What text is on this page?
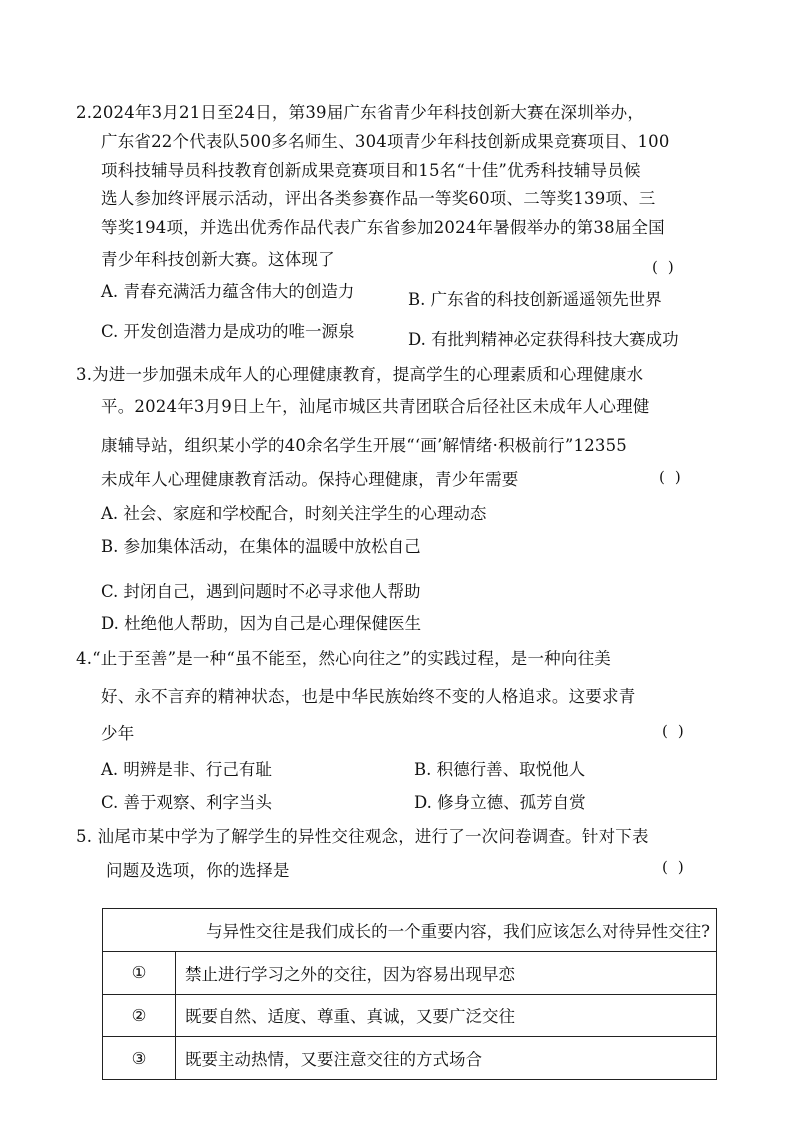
2.2024年3月21日至24日，第39届广东省青少年科技创新大赛在深圳举办，
广东省22个代表队500多名师生、304项青少年科技创新成果竞赛项目、100
项科技辅导员科技教育创新成果竞赛项目和15名“十佳”优秀科技辅导员候
选人参加终评展示活动，评出各类参赛作品一等奖60项、二等奖139项、三
等奖194项，并选出优秀作品代表广东省参加2024年暑假举办的第38届全国
青少年科技创新大赛。这体现了	()
A. 青春充满活力蕴含伟大的创造力	B. 广东省的科技创新遥遥领先世界
C. 开发创造潜力是成功的唯一源泉	D. 有批判精神必定获得科技大赛成功
3.为进一步加强未成年人的心理健康教育，提高学生的心理素质和心理健康水
平。2024年3月9日上午，汕尾市城区共青团联合后径社区未成年人心理健
康辅导站，组织某小学的40余名学生开展“‘画’解情绪·积极前行”12355
未成年人心理健康教育活动。保持心理健康，青少年需要	()
A. 社会、家庭和学校配合，时刻关注学生的心理动态
B. 参加集体活动，在集体的温暖中放松自己
C. 封闭自己，遇到问题时不必寻求他人帮助
D. 杜绝他人帮助，因为自己是心理保健医生
4.“止于至善”是一种“虽不能至，然心向往之”的实践过程，是一种向往美
好、永不言弃的精神状态，也是中华民族始终不变的人格追求。这要求青
少年	()
A. 明辨是非、行己有耻	B. 积德行善、取悦他人
C. 善于观察、利字当头	D. 修身立德、孤芳自赏
5. 汕尾市某中学为了解学生的异性交往观念，进行了一次问卷调查。针对下表
问题及选项，你的选择是	()
与异性交往是我们成长的一个重要内容，我们应该怎么对待异性交往?	
①	禁止进行学习之外的交往，因为容易出现早恋
②	既要自然、适度、尊重、真诚，又要广泛交往
③	既要主动热情，又要注意交往的方式场合
